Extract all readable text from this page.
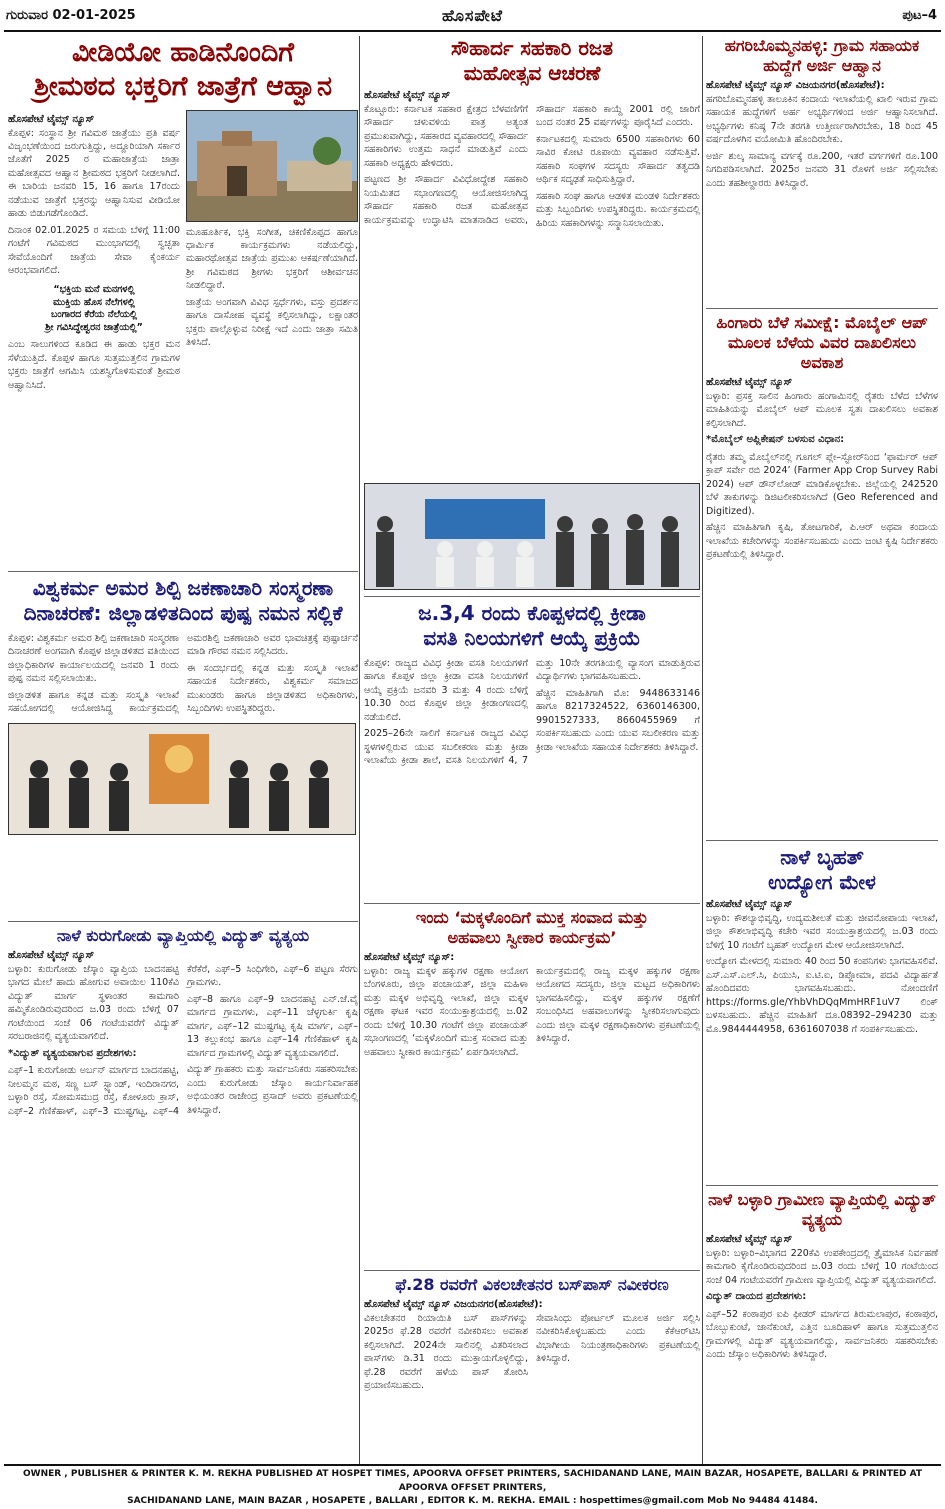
ಗುರುವಾರ 02-01-2025	ಹೊಸಪೇಟೆ	ಪುಟ–4
ವೀಡಿಯೋ ಹಾಡಿನೊಂದಿಗೆ
ಶ್ರೀಮಠದ ಭಕ್ತರಿಗೆ ಜಾತ್ರೆಗೆ ಆಹ್ವಾನ
ಹೊಸಪೇಟೆ ಟೈಮ್ಸ್ ನ್ಯೂಸ್

ಕೊಪ್ಪಳ: ಸಂಸ್ಥಾನ ಶ್ರೀ ಗವಿಮಠ ಜಾತ್ರೆಯು ಪ್ರತಿ ವರ್ಷ ವಿಜೃಂಭಣೆಯಿಂದ ಜರುಗುತ್ತಿದ್ದು, ಅದ್ದೂರಿಯಾಗಿ ಸರ್ಕಾರ ಜೊತೆಗೆ 2025 ರ ಮಹಾಜಾತ್ರೆಯ ಜಾತ್ರಾ ಮಹೋತ್ಸವದ ಆಹ್ವಾನ ಶ್ರೀಮಠದ ಭಕ್ತರಿಗೆ ನೀಡಲಾಗಿದೆ. ಈ ಬಾರಿಯ ಜನವರಿ 15, 16 ಹಾಗೂ 17ರಂದು ನಡೆಯುವ ಜಾತ್ರೆಗೆ ಭಕ್ತರನ್ನು ಆಹ್ವಾನಿಸುವ ವೀಡಿಯೋ ಹಾಡು ಬಿಡುಗಡೆಗೊಂಡಿದೆ.

ದಿನಾಂಕ 02.01.2025 ರ ಸಮಯ ಬೆಳಿಗ್ಗೆ 11:00 ಗಂಟೆಗೆ ಗವಿಮಠದ ಮುಂಭಾಗದಲ್ಲಿ ಸ್ವಚ್ಛತಾ ಸೇವೆಯೊಂದಿಗೆ ಜಾತ್ರೆಯ ಸೇವಾ ಕೈಂಕರ್ಯ ಆರಂಭವಾಗಲಿದೆ.

“ಭಕ್ತಿಯ ಮನೆ ಮನಗಳಲ್ಲಿ
ಮುಕ್ತಿಯ ಹೊಸ ನೆಲೆಗಳಲ್ಲಿ
ಬಂಗಾರದ ಕೆರೆಯ ನೆಲೆಯಲ್ಲಿ
ಶ್ರೀ ಗವಿಸಿದ್ಧೇಶ್ವರನ ಜಾತ್ರೆಯಲ್ಲಿ”

ಎಂಬ ಸಾಲುಗಳಿಂದ ಕೂಡಿದ ಈ ಹಾಡು ಭಕ್ತರ ಮನ ಸೆಳೆಯುತ್ತಿದೆ. ಕೊಪ್ಪಳ ಹಾಗೂ ಸುತ್ತಮುತ್ತಲಿನ ಗ್ರಾಮಗಳ ಭಕ್ತರು ಜಾತ್ರೆಗೆ ಆಗಮಿಸಿ ಯಶಸ್ವಿಗೊಳಿಸುವಂತೆ ಶ್ರೀಮಠ ಆಹ್ವಾನಿಸಿದೆ.

ಮೂಹೂರ್ತಿಕ, ಭಕ್ತಿ ಸಂಗೀತ, ಚಿಕಣಿಕೊಪ್ಪದ ಹಾಗೂ ಧಾರ್ಮಿಕ ಕಾರ್ಯಕ್ರಮಗಳು ನಡೆಯಲಿದ್ದು, ಮಹಾರಥೋತ್ಸವ ಜಾತ್ರೆಯ ಪ್ರಮುಖ ಆಕರ್ಷಣೆಯಾಗಿದೆ. ಶ್ರೀ ಗವಿಮಠದ ಶ್ರೀಗಳು ಭಕ್ತರಿಗೆ ಆಶೀರ್ವಚನ ನೀಡಲಿದ್ದಾರೆ.

ಜಾತ್ರೆಯ ಅಂಗವಾಗಿ ವಿವಿಧ ಸ್ಪರ್ಧೆಗಳು, ವಸ್ತು ಪ್ರದರ್ಶನ ಹಾಗೂ ದಾಸೋಹ ವ್ಯವಸ್ಥೆ ಕಲ್ಪಿಸಲಾಗಿದ್ದು, ಲಕ್ಷಾಂತರ ಭಕ್ತರು ಪಾಲ್ಗೊಳ್ಳುವ ನಿರೀಕ್ಷೆ ಇದೆ ಎಂದು ಜಾತ್ರಾ ಸಮಿತಿ ತಿಳಿಸಿದೆ.

ವಿಶ್ವಕರ್ಮ ಅಮರ ಶಿಲ್ಪಿ ಜಕಣಾಚಾರಿ ಸಂಸ್ಮರಣಾ
ದಿನಾಚರಣೆ: ಜಿಲ್ಲಾಡಳಿತದಿಂದ ಪುಷ್ಪ ನಮನ ಸಲ್ಲಿಕೆ

ಕೊಪ್ಪಳ: ವಿಶ್ವಕರ್ಮ ಅಮರ ಶಿಲ್ಪಿ ಜಕಣಾಚಾರಿ ಸಂಸ್ಮರಣಾ ದಿನಾಚರಣೆ ಅಂಗವಾಗಿ ಕೊಪ್ಪಳ ಜಿಲ್ಲಾಡಳಿತದ ವತಿಯಿಂದ ಜಿಲ್ಲಾಧಿಕಾರಿಗಳ ಕಾರ್ಯಾಲಯದಲ್ಲಿ ಜನವರಿ 1 ರಂದು ಪುಷ್ಪ ನಮನ ಸಲ್ಲಿಸಲಾಯಿತು.

ಜಿಲ್ಲಾಡಳಿತ ಹಾಗೂ ಕನ್ನಡ ಮತ್ತು ಸಂಸ್ಕೃತಿ ಇಲಾಖೆ ಸಹಯೋಗದಲ್ಲಿ ಆಯೋಜಿಸಿದ್ದ ಕಾರ್ಯಕ್ರಮದಲ್ಲಿ ಅಮರಶಿಲ್ಪಿ ಜಕಣಾಚಾರಿ ಅವರ ಭಾವಚಿತ್ರಕ್ಕೆ ಪುಷ್ಪಾರ್ಚನೆ ಮಾಡಿ ಗೌರವ ನಮನ ಸಲ್ಲಿಸಿದರು.

ಈ ಸಂದರ್ಭದಲ್ಲಿ ಕನ್ನಡ ಮತ್ತು ಸಂಸ್ಕೃತಿ ಇಲಾಖೆ ಸಹಾಯಕ ನಿರ್ದೇಶಕರು, ವಿಶ್ವಕರ್ಮ ಸಮಾಜದ ಮುಖಂಡರು ಹಾಗೂ ಜಿಲ್ಲಾಡಳಿತದ ಅಧಿಕಾರಿಗಳು, ಸಿಬ್ಬಂದಿಗಳು ಉಪಸ್ಥಿತರಿದ್ದರು.

ನಾಳೆ ಕುರುಗೋಡು ವ್ಯಾಪ್ತಿಯಲ್ಲಿ ವಿದ್ಯುತ್ ವ್ಯತ್ಯಯ
ಹೊಸಪೇಟೆ ಟೈಮ್ಸ್ ನ್ಯೂಸ್

ಬಳ್ಳಾರಿ: ಕುರುಗೋಡು ಜೆಸ್ಕಾಂ ವ್ಯಾಪ್ತಿಯ ಬಾದನಹಟ್ಟಿ ಭಾಗದ ಮೇಲೆ ಹಾದು ಹೋಗುವ ಅವಾಯಿಲ 110ಕೆವಿ ವಿದ್ಯುತ್ ಮಾರ್ಗ ಸ್ಥಳಾಂತರ ಕಾಮಗಾರಿ ಹಮ್ಮಿಕೊಂಡಿರುವುದರಿಂದ ಜ.03 ರಂದು ಬೆಳಿಗ್ಗೆ 07 ಗಂಟೆಯಿಂದ ಸಂಜೆ 06 ಗಂಟೆಯವರೆಗೆ ವಿದ್ಯುತ್ ಸರಬರಾಜಿನಲ್ಲಿ ವ್ಯತ್ಯಯವಾಗಲಿದೆ.

*ವಿದ್ಯುತ್ ವ್ಯತ್ಯಯವಾಗುವ ಪ್ರದೇಶಗಳು:

ಎಫ್–1 ಕುರುಗೋಡು ಅರ್ಬನ್ ಮಾರ್ಗದ ಬಾದನಹಟ್ಟಿ, ನೀಲಮ್ಮನ ಮಠ, ಸಣ್ಣ ಬಸ್ ಸ್ಟ್ಯಾಂಡ್, ಇಂದಿರಾನಗರ, ಬಳ್ಳಾರಿ ರಸ್ತೆ, ಸೋಮಸಮುದ್ರ ರಸ್ತೆ, ಕೋಳೂರು ಕ್ರಾಸ್, ಎಫ್–2 ಗೆಣಿಕೆಹಾಳ್, ಎಫ್–3 ಮುಷ್ಟಗಟ್ಟ, ಎಫ್–4 ಕೆರೆಕೆರೆ, ಎಫ್–5 ಸಿಂಧಿಗೇರಿ, ಎಫ್–6 ಪಟ್ಟಣ ಸೆರಗು ಗ್ರಾಮಗಳು.

ಎಫ್–8 ಹಾಗೂ ಎಫ್–9 ಬಾದನಹಟ್ಟಿ ಎನ್.ಜೆ.ವೈ ಮಾರ್ಗದ ಗ್ರಾಮಗಳು, ಎಫ್–11 ಚೆಳ್ಳಗುರ್ಕಿ ಕೃಷಿ ಮಾರ್ಗ, ಎಫ್–12 ಮುಷ್ಟಗಟ್ಟ ಕೃಷಿ ಮಾರ್ಗ, ಎಫ್–13 ಕಲ್ಲುಕಂಭ ಹಾಗೂ ಎಫ್–14 ಗೆಣಿಕೆಹಾಳ್ ಕೃಷಿ ಮಾರ್ಗದ ಗ್ರಾಮಗಳಲ್ಲಿ ವಿದ್ಯುತ್ ವ್ಯತ್ಯಯವಾಗಲಿದೆ.

ವಿದ್ಯುತ್ ಗ್ರಾಹಕರು ಮತ್ತು ಸಾರ್ವಜನಿಕರು ಸಹಕರಿಸಬೇಕು ಎಂದು ಕುರುಗೋಡು ಜೆಸ್ಕಾಂ ಕಾರ್ಯನಿರ್ವಾಹಕ ಅಭಿಯಂತರ ರಾಜೇಂದ್ರ ಪ್ರಸಾದ್ ಅವರು ಪ್ರಕಟಣೆಯಲ್ಲಿ ತಿಳಿಸಿದ್ದಾರೆ.

ಸೌಹಾರ್ದ ಸಹಕಾರಿ ರಜತ
ಮಹೋತ್ಸವ ಆಚರಣೆ
ಹೊಸಪೇಟೆ ಟೈಮ್ಸ್ ನ್ಯೂಸ್

ಕೊಟ್ಟೂರು: ಕರ್ನಾಟಕ ಸಹಕಾರ ಕ್ಷೇತ್ರದ ಬೆಳವಣಿಗೆಗೆ ಸೌಹಾರ್ದ ಚಳುವಳಿಯ ಪಾತ್ರ ಅತ್ಯಂತ ಪ್ರಮುಖವಾಗಿದ್ದು, ಸಹಕಾರದ ವ್ಯವಹಾರದಲ್ಲಿ ಸೌಹಾರ್ದ ಸಹಕಾರಿಗಳು ಉತ್ತಮ ಸಾಧನೆ ಮಾಡುತ್ತಿವೆ ಎಂದು ಸಹಕಾರಿ ಅಧ್ಯಕ್ಷರು ಹೇಳಿದರು.

ಪಟ್ಟಣದ ಶ್ರೀ ಸೌಹಾರ್ದ ವಿವಿಧೋದ್ದೇಶ ಸಹಕಾರಿ ನಿಯಮಿತದ ಸಭಾಂಗಣದಲ್ಲಿ ಆಯೋಜಿಸಲಾಗಿದ್ದ ಸೌಹಾರ್ದ ಸಹಕಾರಿ ರಜತ ಮಹೋತ್ಸವ ಕಾರ್ಯಕ್ರಮವನ್ನು ಉದ್ಘಾಟಿಸಿ ಮಾತನಾಡಿದ ಅವರು, ಸೌಹಾರ್ದ ಸಹಕಾರಿ ಕಾಯ್ದೆ 2001 ರಲ್ಲಿ ಜಾರಿಗೆ ಬಂದ ನಂತರ 25 ವರ್ಷಗಳನ್ನು ಪೂರೈಸಿದೆ ಎಂದರು.

ಕರ್ನಾಟಕದಲ್ಲಿ ಸುಮಾರು 6500 ಸಹಕಾರಿಗಳು 60 ಸಾವಿರ ಕೋಟಿ ರೂಪಾಯಿ ವ್ಯವಹಾರ ನಡೆಸುತ್ತಿವೆ. ಸಹಕಾರಿ ಸಂಘಗಳ ಸದಸ್ಯರು ಸೌಹಾರ್ದ ತತ್ವದಡಿ ಆರ್ಥಿಕ ಸದೃಢತೆ ಸಾಧಿಸುತ್ತಿದ್ದಾರೆ.

ಸಹಕಾರಿ ಸಂಘ ಹಾಗೂ ಆಡಳಿತ ಮಂಡಳಿ ನಿರ್ದೇಶಕರು ಮತ್ತು ಸಿಬ್ಬಂದಿಗಳು ಉಪಸ್ಥಿತರಿದ್ದರು. ಕಾರ್ಯಕ್ರಮದಲ್ಲಿ ಹಿರಿಯ ಸಹಕಾರಿಗಳನ್ನು ಸನ್ಮಾನಿಸಲಾಯಿತು.

ಜ.3,4 ರಂದು ಕೊಪ್ಪಳದಲ್ಲಿ ಕ್ರೀಡಾ
ವಸತಿ ನಿಲಯಗಳಿಗೆ ಆಯ್ಕೆ ಪ್ರಕ್ರಿಯೆ

ಕೊಪ್ಪಳ: ರಾಜ್ಯದ ವಿವಿಧ ಕ್ರೀಡಾ ವಸತಿ ನಿಲಯಗಳಿಗೆ ಹಾಗೂ ಕೊಪ್ಪಳ ಜಿಲ್ಲಾ ಕ್ರೀಡಾ ವಸತಿ ನಿಲಯಗಳಿಗೆ ಆಯ್ಕೆ ಪ್ರಕ್ರಿಯೆ ಜನವರಿ 3 ಮತ್ತು 4 ರಂದು ಬೆಳಿಗ್ಗೆ 10.30 ರಿಂದ ಕೊಪ್ಪಳ ಜಿಲ್ಲಾ ಕ್ರೀಡಾಂಗಣದಲ್ಲಿ ನಡೆಯಲಿದೆ.

2025–26ನೇ ಸಾಲಿಗೆ ಕರ್ನಾಟಕ ರಾಜ್ಯದ ವಿವಿಧ ಸ್ಥಳಗಳಲ್ಲಿರುವ ಯುವ ಸಬಲೀಕರಣ ಮತ್ತು ಕ್ರೀಡಾ ಇಲಾಖೆಯ ಕ್ರೀಡಾ ಶಾಲೆ, ವಸತಿ ನಿಲಯಗಳಿಗೆ 4, 7 ಮತ್ತು 10ನೇ ತರಗತಿಯಲ್ಲಿ ವ್ಯಾಸಂಗ ಮಾಡುತ್ತಿರುವ ವಿದ್ಯಾರ್ಥಿಗಳು ಭಾಗವಹಿಸಬಹುದು.

ಹೆಚ್ಚಿನ ಮಾಹಿತಿಗಾಗಿ ಮೊ: 9448633146 ಹಾಗೂ 8217324522, 6360146300, 9901527333, 8660455969 ಗೆ ಸಂಪರ್ಕಿಸಬಹುದು ಎಂದು ಯುವ ಸಬಲೀಕರಣ ಮತ್ತು ಕ್ರೀಡಾ ಇಲಾಖೆಯ ಸಹಾಯಕ ನಿರ್ದೇಶಕರು ತಿಳಿಸಿದ್ದಾರೆ.

ಇಂದು ‘ಮಕ್ಕಳೊಂದಿಗೆ ಮುಕ್ತ ಸಂವಾದ ಮತ್ತು
ಅಹವಾಲು ಸ್ವೀಕಾರ ಕಾರ್ಯಕ್ರಮ’
ಹೊಸಪೇಟೆ ಟೈಮ್ಸ್ ನ್ಯೂಸ್:

ಬಳ್ಳಾರಿ: ರಾಜ್ಯ ಮಕ್ಕಳ ಹಕ್ಕುಗಳ ರಕ್ಷಣಾ ಆಯೋಗ ಬೆಂಗಳೂರು, ಜಿಲ್ಲಾ ಪಂಚಾಯತ್, ಜಿಲ್ಲಾ ಮಹಿಳಾ ಮತ್ತು ಮಕ್ಕಳ ಅಭಿವೃದ್ಧಿ ಇಲಾಖೆ, ಜಿಲ್ಲಾ ಮಕ್ಕಳ ರಕ್ಷಣಾ ಘಟಕ ಇವರ ಸಂಯುಕ್ತಾಶ್ರಯದಲ್ಲಿ ಜ.02 ರಂದು ಬೆಳಿಗ್ಗೆ 10.30 ಗಂಟೆಗೆ ಜಿಲ್ಲಾ ಪಂಚಾಯತ್ ಸಭಾಂಗಣದಲ್ಲಿ ‘ಮಕ್ಕಳೊಂದಿಗೆ ಮುಕ್ತ ಸಂವಾದ ಮತ್ತು ಅಹವಾಲು ಸ್ವೀಕಾರ ಕಾರ್ಯಕ್ರಮ’ ಏರ್ಪಡಿಸಲಾಗಿದೆ.

ಕಾರ್ಯಕ್ರಮದಲ್ಲಿ ರಾಜ್ಯ ಮಕ್ಕಳ ಹಕ್ಕುಗಳ ರಕ್ಷಣಾ ಆಯೋಗದ ಸದಸ್ಯರು, ಜಿಲ್ಲಾ ಮಟ್ಟದ ಅಧಿಕಾರಿಗಳು ಭಾಗವಹಿಸಲಿದ್ದು, ಮಕ್ಕಳ ಹಕ್ಕುಗಳ ರಕ್ಷಣೆಗೆ ಸಂಬಂಧಿಸಿದ ಅಹವಾಲುಗಳನ್ನು ಸ್ವೀಕರಿಸಲಾಗುವುದು ಎಂದು ಜಿಲ್ಲಾ ಮಕ್ಕಳ ರಕ್ಷಣಾಧಿಕಾರಿಗಳು ಪ್ರಕಟಣೆಯಲ್ಲಿ ತಿಳಿಸಿದ್ದಾರೆ.

ಫೆ.28 ರವರೆಗೆ ವಿಕಲಚೇತನರ ಬಸ್‌ಪಾಸ್ ನವೀಕರಣ
ಹೊಸಪೇಟೆ ಟೈಮ್ಸ್ ನ್ಯೂಸ್ ವಿಜಯನಗರ(ಹೊಸಪೇಟೆ):

ವಿಕಲಚೇತನರ ರಿಯಾಯಿತಿ ಬಸ್ ಪಾಸ್‌ಗಳನ್ನು 2025ರ ಫೆ.28 ರವರೆಗೆ ನವೀಕರಿಸಲು ಅವಕಾಶ ಕಲ್ಪಿಸಲಾಗಿದೆ. 2024ನೇ ಸಾಲಿನಲ್ಲಿ ವಿತರಿಸಲಾದ ಪಾಸ್‌ಗಳು ಡಿ.31 ರಂದು ಮುಕ್ತಾಯಗೊಳ್ಳಲಿದ್ದು, ಫೆ.28 ರವರೆಗೆ ಹಳೆಯ ಪಾಸ್ ತೋರಿಸಿ ಪ್ರಯಾಣಿಸಬಹುದು.

ಸೇವಾಸಿಂಧು ಪೋರ್ಟಲ್ ಮೂಲಕ ಅರ್ಜಿ ಸಲ್ಲಿಸಿ ನವೀಕರಿಸಿಕೊಳ್ಳಬಹುದು ಎಂದು ಕೆಕೆಆರ್‌ಟಿಸಿ ವಿಭಾಗೀಯ ನಿಯಂತ್ರಣಾಧಿಕಾರಿಗಳು ಪ್ರಕಟಣೆಯಲ್ಲಿ ತಿಳಿಸಿದ್ದಾರೆ.

ಹಗರಿಬೊಮ್ಮನಹಳ್ಳಿ: ಗ್ರಾಮ ಸಹಾಯಕ ಹುದ್ದೆಗೆ ಅರ್ಜಿ ಆಹ್ವಾನ
ಹೊಸಪೇಟೆ ಟೈಮ್ಸ್ ನ್ಯೂಸ್ ವಿಜಯನಗರ(ಹೊಸಪೇಟೆ):

ಹಗರಿಬೊಮ್ಮನಹಳ್ಳಿ ತಾಲೂಕಿನ ಕಂದಾಯ ಇಲಾಖೆಯಲ್ಲಿ ಖಾಲಿ ಇರುವ ಗ್ರಾಮ ಸಹಾಯಕ ಹುದ್ದೆಗಳಿಗೆ ಅರ್ಹ ಅಭ್ಯರ್ಥಿಗಳಿಂದ ಅರ್ಜಿ ಆಹ್ವಾನಿಸಲಾಗಿದೆ. ಅಭ್ಯರ್ಥಿಗಳು ಕನಿಷ್ಠ 7ನೇ ತರಗತಿ ಉತ್ತೀರ್ಣರಾಗಿರಬೇಕು, 18 ರಿಂದ 45 ವರ್ಷದೊಳಗಿನ ವಯೋಮಿತಿ ಹೊಂದಿರಬೇಕು.

ಅರ್ಜಿ ಶುಲ್ಕ ಸಾಮಾನ್ಯ ವರ್ಗಕ್ಕೆ ರೂ.200, ಇತರೆ ವರ್ಗಗಳಿಗೆ ರೂ.100 ನಿಗದಿಪಡಿಸಲಾಗಿದೆ. 2025ರ ಜನವರಿ 31 ರೊಳಗೆ ಅರ್ಜಿ ಸಲ್ಲಿಸಬೇಕು ಎಂದು ತಹಶೀಲ್ದಾರರು ತಿಳಿಸಿದ್ದಾರೆ.

ಹಿಂಗಾರು ಬೆಳೆ ಸಮೀಕ್ಷೆ: ಮೊಬೈಲ್ ಆಪ್ ಮೂಲಕ ಬೆಳೆಯ ವಿವರ ದಾಖಲಿಸಲು ಅವಕಾಶ
ಹೊಸಪೇಟೆ ಟೈಮ್ಸ್ ನ್ಯೂಸ್

ಬಳ್ಳಾರಿ: ಪ್ರಸಕ್ತ ಸಾಲಿನ ಹಿಂಗಾರು ಹಂಗಾಮಿನಲ್ಲಿ ರೈತರು ಬೆಳೆದ ಬೆಳೆಗಳ ಮಾಹಿತಿಯನ್ನು ಮೊಬೈಲ್ ಆಪ್ ಮೂಲಕ ಸ್ವತಃ ದಾಖಲಿಸಲು ಅವಕಾಶ ಕಲ್ಪಿಸಲಾಗಿದೆ.

*ಮೊಬೈಲ್ ಅಪ್ಲಿಕೇಷನ್ ಬಳಸುವ ವಿಧಾನ:

ರೈತರು ತಮ್ಮ ಮೊಬೈಲ್‌ನಲ್ಲಿ ಗೂಗಲ್ ಪ್ಲೇ–ಸ್ಟೋರ್‌ನಿಂದ ‘ಫಾರ್ಮರ್ ಆಪ್ ಕ್ರಾಪ್ ಸರ್ವೇ ರಬಿ 2024’ (Farmer App Crop Survey Rabi 2024) ಆಪ್ ಡೌನ್‌ಲೋಡ್ ಮಾಡಿಕೊಳ್ಳಬೇಕು. ಜಿಲ್ಲೆಯಲ್ಲಿ 242520 ಬೆಳೆ ತಾಕುಗಳನ್ನು ಡಿಜಿಟಲೀಕರಿಸಲಾಗಿದೆ (Geo Referenced and Digitized).

ಹೆಚ್ಚಿನ ಮಾಹಿತಿಗಾಗಿ ಕೃಷಿ, ತೋಟಗಾರಿಕೆ, ಪಿ.ಆರ್ ಅಥವಾ ಕಂದಾಯ ಇಲಾಖೆಯ ಕಚೇರಿಗಳನ್ನು ಸಂಪರ್ಕಿಸಬಹುದು ಎಂದು ಜಂಟಿ ಕೃಷಿ ನಿರ್ದೇಶಕರು ಪ್ರಕಟಣೆಯಲ್ಲಿ ತಿಳಿಸಿದ್ದಾರೆ.

ನಾಳೆ ಬೃಹತ್
ಉದ್ಯೋಗ ಮೇಳ
ಹೊಸಪೇಟೆ ಟೈಮ್ಸ್ ನ್ಯೂಸ್

ಬಳ್ಳಾರಿ: ಕೌಶಲ್ಯಾಭಿವೃದ್ಧಿ, ಉದ್ಯಮಶೀಲತೆ ಮತ್ತು ಜೀವನೋಪಾಯ ಇಲಾಖೆ, ಜಿಲ್ಲಾ ಕೌಶಲಾಭಿವೃದ್ಧಿ ಕಚೇರಿ ಇವರ ಸಂಯುಕ್ತಾಶ್ರಯದಲ್ಲಿ ಜ.03 ರಂದು ಬೆಳಿಗ್ಗೆ 10 ಗಂಟೆಗೆ ಬೃಹತ್ ಉದ್ಯೋಗ ಮೇಳ ಆಯೋಜಿಸಲಾಗಿದೆ.

ಉದ್ಯೋಗ ಮೇಳದಲ್ಲಿ ಸುಮಾರು 40 ರಿಂದ 50 ಕಂಪನಿಗಳು ಭಾಗವಹಿಸಲಿವೆ. ಎಸ್.ಎಸ್.ಎಲ್.ಸಿ, ಪಿಯುಸಿ, ಐ.ಟಿ.ಐ, ಡಿಪ್ಲೋಮಾ, ಪದವಿ ವಿದ್ಯಾರ್ಹತೆ ಹೊಂದಿದವರು ಭಾಗವಹಿಸಬಹುದು. ನೋಂದಣಿಗೆ https://forms.gle/YhbVhDQqMmHRF1uV7 ಲಿಂಕ್ ಬಳಸಬಹುದು. ಹೆಚ್ಚಿನ ಮಾಹಿತಿಗೆ ದೂ.08392–294230 ಮತ್ತು ಮೊ.9844444958, 6361607038 ಗೆ ಸಂಪರ್ಕಿಸಬಹುದು.

ನಾಳೆ ಬಳ್ಳಾರಿ ಗ್ರಾಮೀಣ ವ್ಯಾಪ್ತಿಯಲ್ಲಿ ವಿದ್ಯುತ್ ವ್ಯತ್ಯಯ
ಹೊಸಪೇಟೆ ಟೈಮ್ಸ್ ನ್ಯೂಸ್

ಬಳ್ಳಾರಿ: ಬಳ್ಳಾರಿ–ವಿಭಾಗದ 220ಕೆವಿ ಉಪಕೇಂದ್ರದಲ್ಲಿ ತ್ರೈಮಾಸಿಕ ನಿರ್ವಹಣೆ ಕಾಮಗಾರಿ ಕೈಗೊಂಡಿರುವುದರಿಂದ ಜ.03 ರಂದು ಬೆಳಿಗ್ಗೆ 10 ಗಂಟೆಯಿಂದ ಸಂಜೆ 04 ಗಂಟೆಯವರೆಗೆ ಗ್ರಾಮೀಣ ವ್ಯಾಪ್ತಿಯಲ್ಲಿ ವಿದ್ಯುತ್ ವ್ಯತ್ಯಯವಾಗಲಿದೆ.

ವಿದ್ಯುತ್ ದಾಯದ ಪ್ರದೇಶಗಳು:

ಎಫ್–52 ಕಂಠಾಪುರ ಐಪಿ ಫೀಡರ್ ಮಾರ್ಗದ ತಿರುಮಲಾಪುರ, ಕಂಠಾಪುರ, ಬೊಬ್ಬುಕುಂಟೆ, ಜಾನೆಕುಂಟೆ, ಎತ್ತಿನ ಬೂದಿಹಾಳ್ ಹಾಗೂ ಸುತ್ತಮುತ್ತಲಿನ ಗ್ರಾಮಗಳಲ್ಲಿ ವಿದ್ಯುತ್ ವ್ಯತ್ಯಯವಾಗಲಿದ್ದು, ಸಾರ್ವಜನಿಕರು ಸಹಕರಿಸಬೇಕು ಎಂದು ಜೆಸ್ಕಾಂ ಅಧಿಕಾರಿಗಳು ತಿಳಿಸಿದ್ದಾರೆ.

OWNER , PUBLISHER & PRINTER K. M. REKHA PUBLISHED AT HOSPET TIMES, APOORVA OFFSET PRINTERS, SACHIDANAND LANE, MAIN BAZAR, HOSAPETE, BALLARI & PRINTED AT APOORVA OFFSET PRINTERS,
SACHIDANAND LANE, MAIN BAZAR , HOSAPETE , BALLARI , EDITOR K. M. REKHA. EMAIL : hospettimes@gmail.com Mob No 94484 41484.
